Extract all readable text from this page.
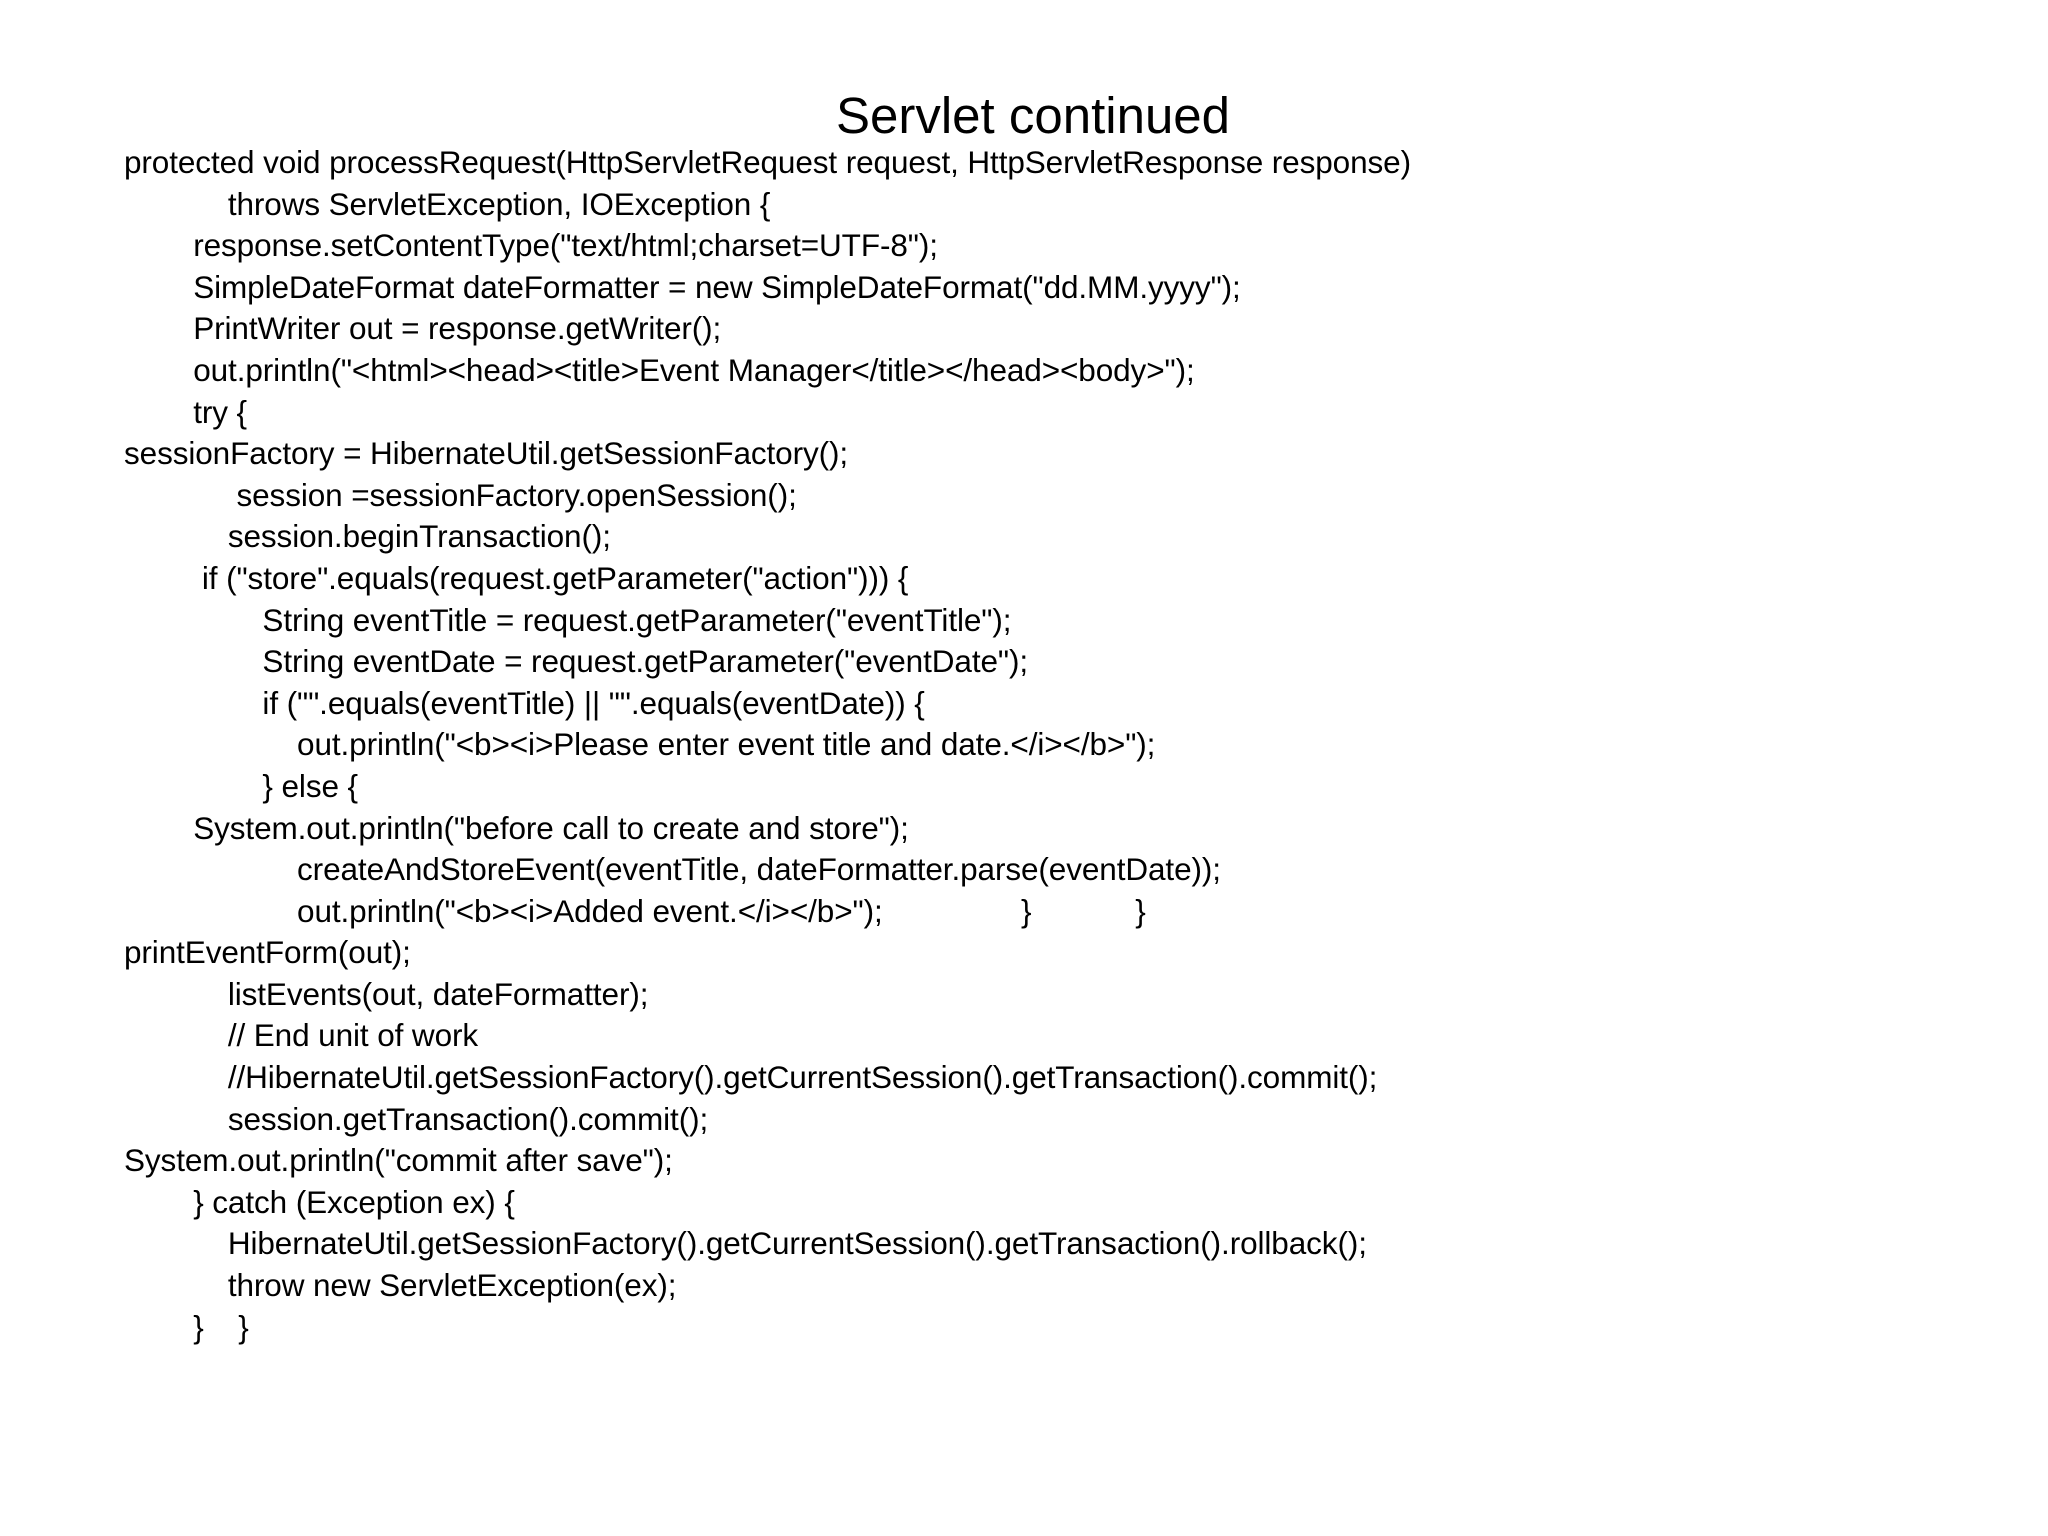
Servlet continued
protected void processRequest(HttpServletRequest request, HttpServletResponse response)
throws ServletException, IOException {
response.setContentType("text/html;charset=UTF-8");
SimpleDateFormat dateFormatter = new SimpleDateFormat("dd.MM.yyyy");
PrintWriter out = response.getWriter();
out.println("<html><head><title>Event Manager</title></head><body>");
try {
sessionFactory = HibernateUtil.getSessionFactory();
session =sessionFactory.openSession();
session.beginTransaction();
if ("store".equals(request.getParameter("action"))) {
String eventTitle = request.getParameter("eventTitle");
String eventDate = request.getParameter("eventDate");
if ("".equals(eventTitle) || "".equals(eventDate)) {
out.println("<b><i>Please enter event title and date.</i></b>");
} else {
System.out.println("before call to create and store");
createAndStoreEvent(eventTitle, dateFormatter.parse(eventDate));
out.println("<b><i>Added event.</i></b>");                }            }
printEventForm(out);
listEvents(out, dateFormatter);
// End unit of work
//HibernateUtil.getSessionFactory().getCurrentSession().getTransaction().commit();
session.getTransaction().commit();
System.out.println("commit after save");
} catch (Exception ex) {
HibernateUtil.getSessionFactory().getCurrentSession().getTransaction().rollback();
throw new ServletException(ex);
}    }
